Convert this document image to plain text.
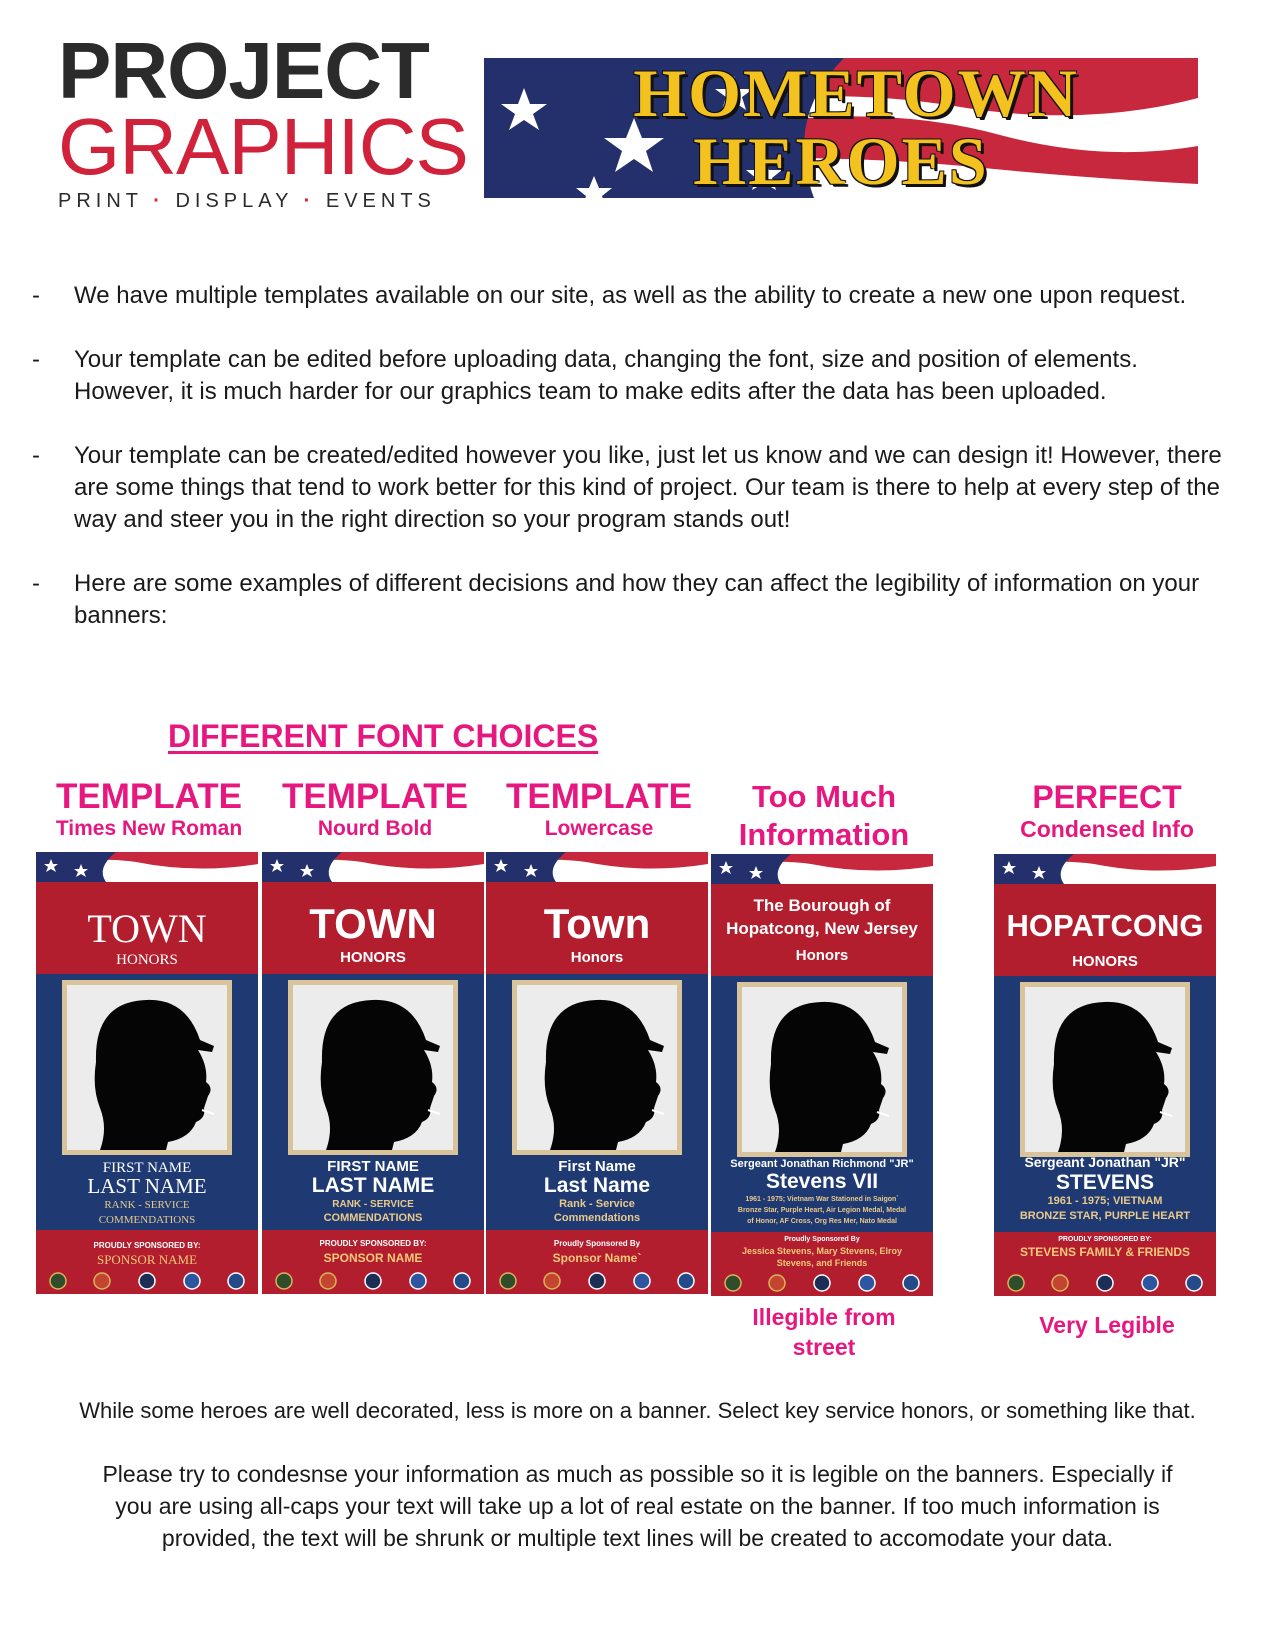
PROJECT
GRAPHICS
PRINT · DISPLAY · EVENTS
HOMETOWN
HEROES
- We have multiple templates available on our site, as well as the ability to create a new one upon request.
- Your template can be edited before uploading data, changing the font, size and position of elements. However, it is much harder for our graphics team to make edits after the data has been uploaded.
- Your template can be created/edited however you like, just let us know and we can design it! However, there are some things that tend to work better for this kind of project. Our team is there to help at every step of the way and steer you in the right direction so your program stands out!
- Here are some examples of different decisions and how they can affect the legibility of information on your banners:
DIFFERENT FONT CHOICES
TEMPLATE
Times New Roman
TOWN
HONORS
FIRST NAME
LAST NAME
RANK - SERVICE
COMMENDATIONS
PROUDLY SPONSORED BY:
SPONSOR NAME
TEMPLATE
Nourd Bold
TOWN
HONORS
FIRST NAME
LAST NAME
RANK - SERVICE
COMMENDATIONS
PROUDLY SPONSORED BY:
SPONSOR NAME
TEMPLATE
Lowercase
Town
Honors
First Name
Last Name
Rank - Service
Commendations
Proudly Sponsored By
Sponsor Name`
Too Much
Information
The Bourough of
Hopatcong, New Jersey
Honors
Sergeant Jonathan Richmond "JR"
Stevens VII
1961 - 1975; Vietnam War Stationed in Saigon`
Bronze Star, Purple Heart, Air Legion Medal, Medal
of Honor, AF Cross, Org Res Mer, Nato Medal
Proudly Sponsored By
Jessica Stevens, Mary Stevens, Elroy
Stevens, and Friends
Illegible from
street
PERFECT
Condensed Info
HOPATCONG
HONORS
Sergeant Jonathan "JR"
STEVENS
1961 - 1975; VIETNAM
BRONZE STAR, PURPLE HEART
PROUDLY SPONSORED BY:
STEVENS FAMILY & FRIENDS
Very Legible
While some heroes are well decorated, less is more on a banner. Select key service honors, or something like that.
Please try to condesnse your information as much as possible so it is legible on the banners. Especially if you are using all-caps your text will take up a lot of real estate on the banner. If too much information is provided, the text will be shrunk or multiple text lines will be created to accomodate your data.
